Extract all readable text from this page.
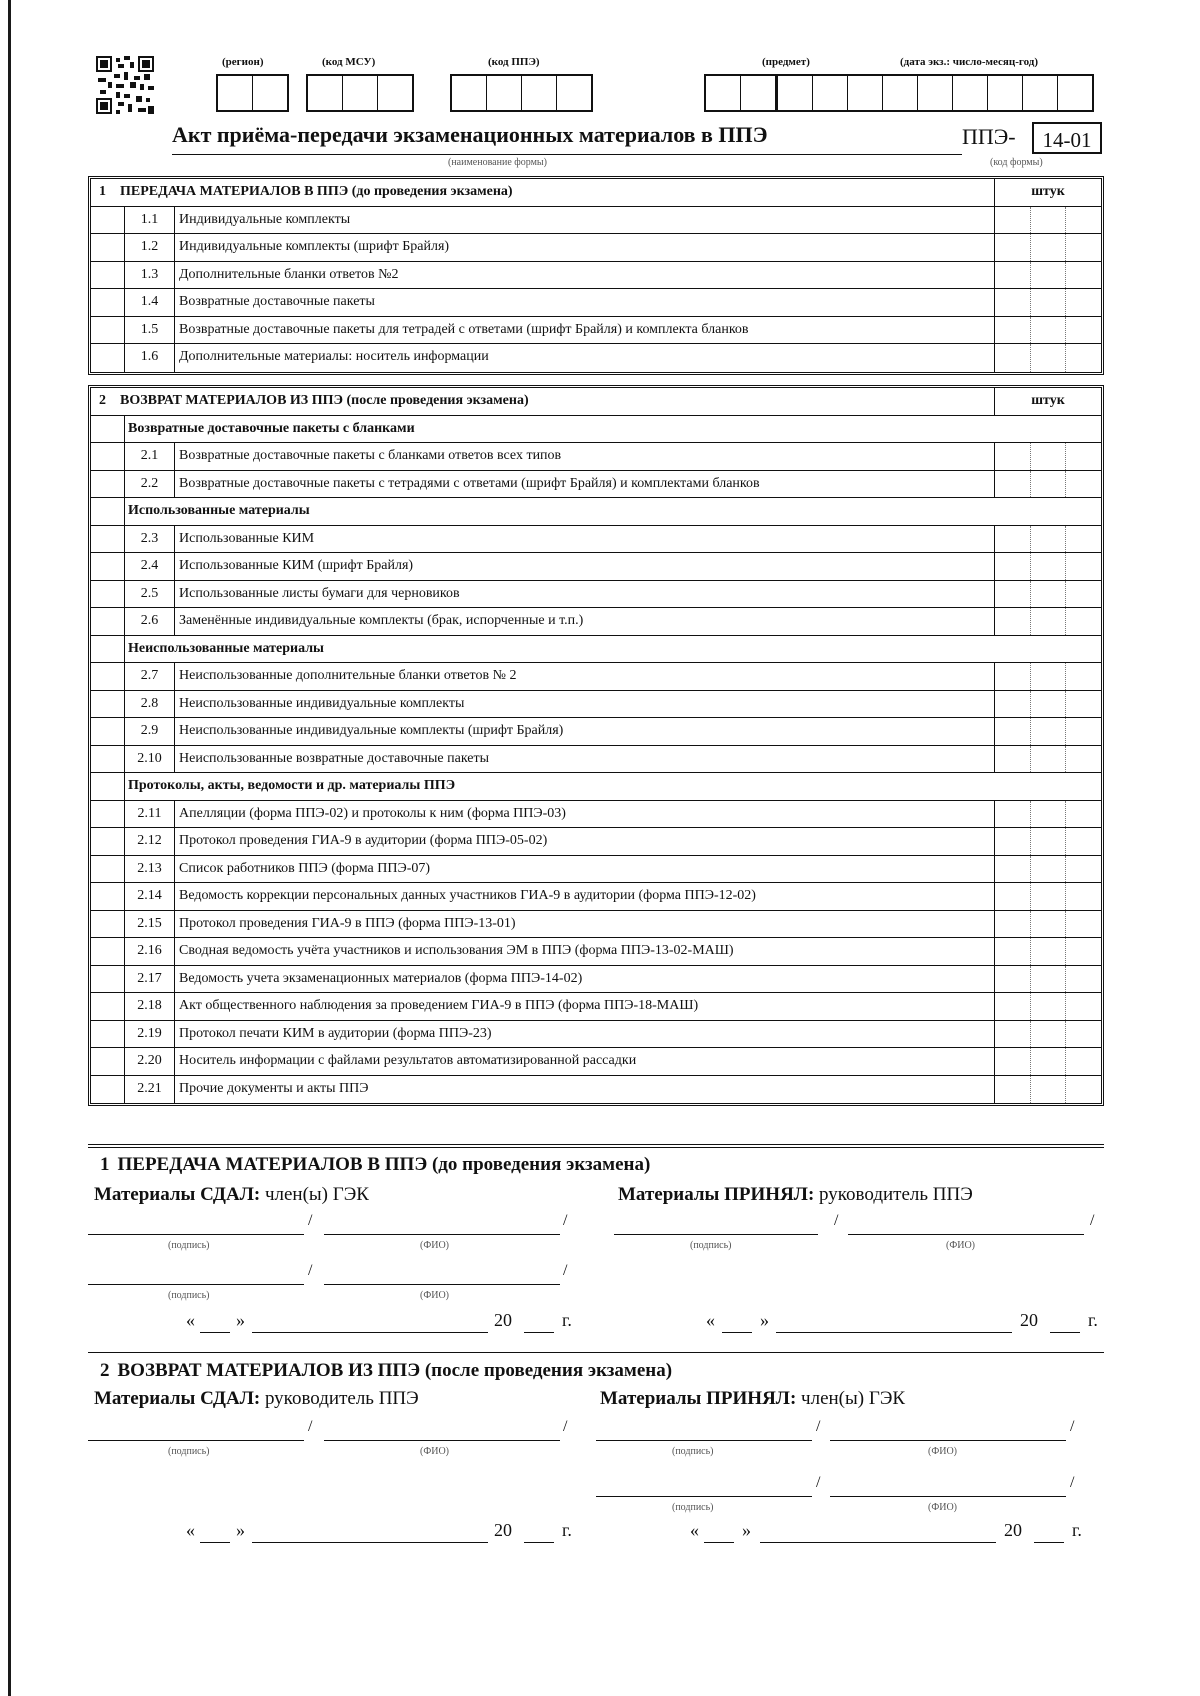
(регион)	(код МСУ)	(код ППЭ)	(предмет)	(дата экз.: число-месяц-год)
Акт приёма-передачи экзаменационных материалов в ППЭ
(наименование формы)
ППЭ-	14-01
(код формы)
1 ПЕРЕДАЧА МАТЕРИАЛОВ В ППЭ (до проведения экзамена)	штук
1.1	Индивидуальные комплекты
1.2	Индивидуальные комплекты (шрифт Брайля)
1.3	Дополнительные бланки ответов №2
1.4	Возвратные доставочные пакеты
1.5	Возвратные доставочные пакеты для тетрадей с ответами (шрифт Брайля) и комплекта бланков
1.6	Дополнительные материалы: носитель информации
2 ВОЗВРАТ МАТЕРИАЛОВ ИЗ ППЭ (после проведения экзамена)	штук
Возвратные доставочные пакеты с бланками
2.1	Возвратные доставочные пакеты с бланками ответов всех типов
2.2	Возвратные доставочные пакеты с тетрадями с ответами (шрифт Брайля) и комплектами бланков
Использованные материалы
2.3	Использованные КИМ
2.4	Использованные КИМ (шрифт Брайля)
2.5	Использованные листы бумаги для черновиков
2.6	Заменённые индивидуальные комплекты (брак, испорченные и т.п.)
Неиспользованные материалы
2.7	Неиспользованные дополнительные бланки ответов № 2
2.8	Неиспользованные индивидуальные комплекты
2.9	Неиспользованные индивидуальные комплекты (шрифт Брайля)
2.10	Неиспользованные возвратные доставочные пакеты
Протоколы, акты, ведомости и др. материалы ППЭ
2.11	Апелляции (форма ППЭ-02) и протоколы к ним (форма ППЭ-03)
2.12	Протокол проведения ГИА-9 в аудитории (форма ППЭ-05-02)
2.13	Список работников ППЭ (форма ППЭ-07)
2.14	Ведомость коррекции персональных данных участников ГИА-9 в аудитории (форма ППЭ-12-02)
2.15	Протокол проведения ГИА-9 в ППЭ (форма ППЭ-13-01)
2.16	Сводная ведомость учёта участников и использования ЭМ в ППЭ (форма ППЭ-13-02-МАШ)
2.17	Ведомость учета экзаменационных материалов (форма ППЭ-14-02)
2.18	Акт общественного наблюдения за проведением ГИА-9 в ППЭ (форма ППЭ-18-МАШ)
2.19	Протокол печати КИМ в аудитории (форма ППЭ-23)
2.20	Носитель информации с файлами результатов автоматизированной рассадки
2.21	Прочие документы и акты ППЭ
1 ПЕРЕДАЧА МАТЕРИАЛОВ В ППЭ (до проведения экзамена)
Материалы СДАЛ: член(ы) ГЭК	Материалы ПРИНЯЛ: руководитель ППЭ
/	/
(подпись)	(ФИО)
/	/
(подпись)	(ФИО)
/	/
(подпись)	(ФИО)
« »	20	г.	«	»	20	г.
2 ВОЗВРАТ МАТЕРИАЛОВ ИЗ ППЭ (после проведения экзамена)
Материалы СДАЛ: руководитель ППЭ	Материалы ПРИНЯЛ: член(ы) ГЭК
/	/
(подпись)	(ФИО)
/	/
(подпись)	(ФИО)
/	/
(подпись)	(ФИО)
« »	20	г.	« »	20	г.
